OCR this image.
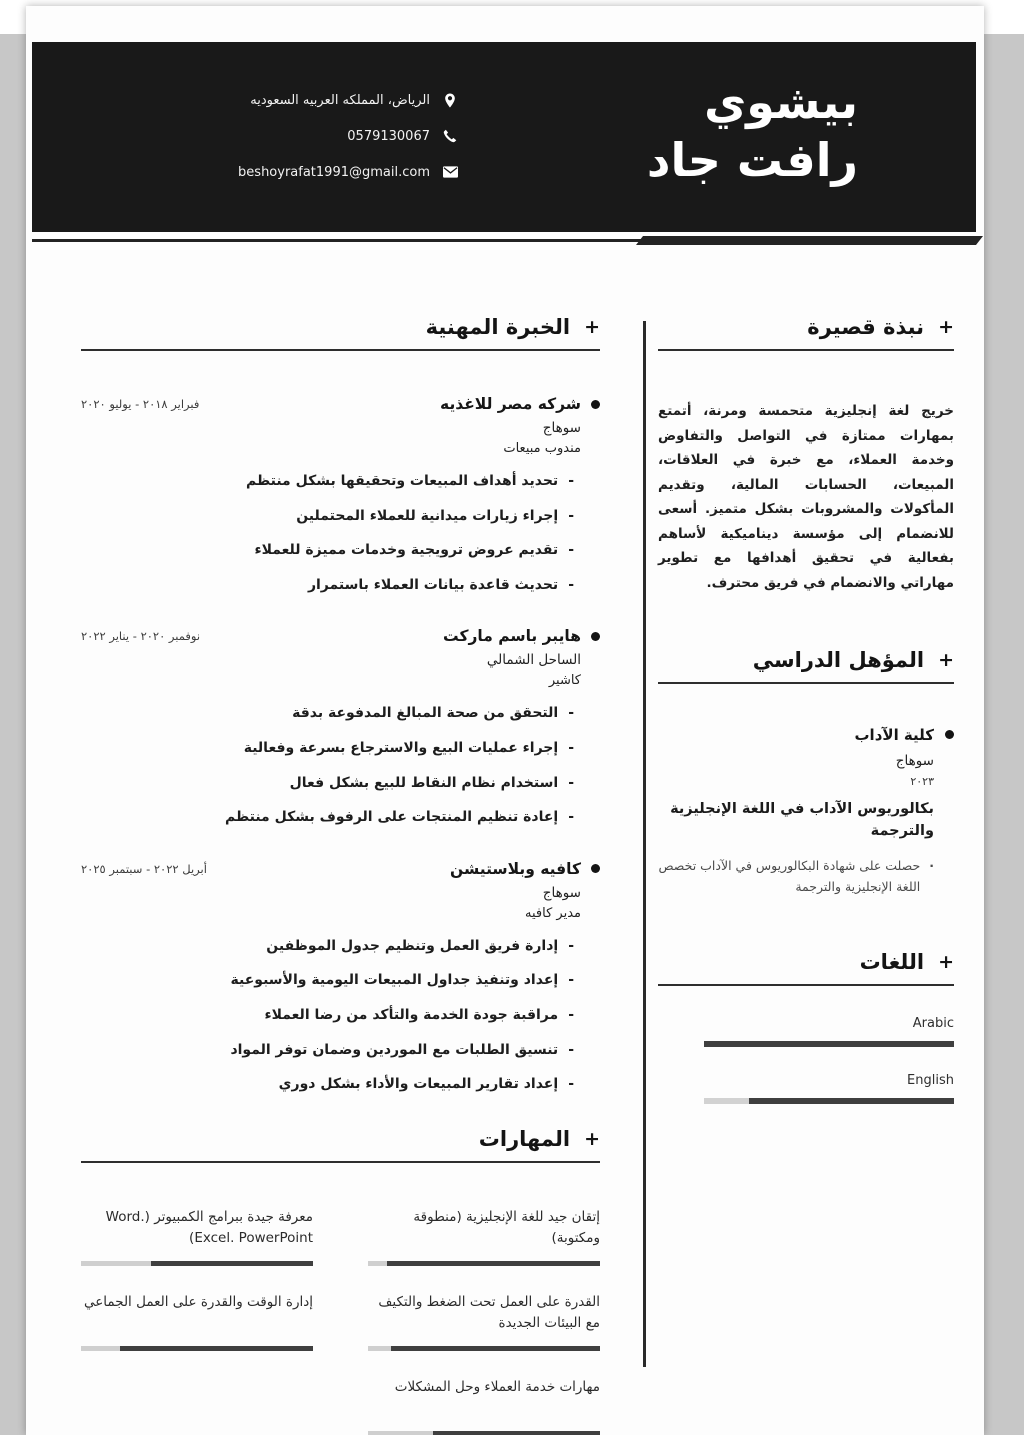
الرياض، المملكه العربيه السعوديه
0579130067
beshoyrafat1991@gmail.com
بيشوي
رافت جاد
+
نبذة قصيرة

خريج لغة إنجليزية متحمسة ومرنة، أتمتع بمهارات ممتازة في التواصل والتفاوض وخدمة العملاء، مع خبرة في العلاقات، المبيعات، الحسابات المالية، وتقديم المأكولات والمشروبات بشكل متميز. أسعى للانضمام إلى مؤسسة ديناميكية لأساهم بفعالية في تحقيق أهدافها مع تطوير مهاراتي والانضمام في فريق محترف.

+
المؤهل الدراسي
كلية الآداب
سوهاج
٢٠٢٣
بكالوريوس الآداب في اللغة الإنجليزية والترجمة
·
حصلت على شهادة البكالوريوس في الآداب تخصص اللغة الإنجليزية والترجمة
+
اللغات
Arabic
English
+
الخبرة المهنية
شركه مصر للاغذيه
فبراير ٢٠١٨ - يوليو ٢٠٢٠
سوهاج
مندوب مبيعات
-
تحديد أهداف المبيعات وتحقيقها بشكل منتظم
-
إجراء زيارات ميدانية للعملاء المحتملين
-
تقديم عروض ترويجية وخدمات مميزة للعملاء
-
تحديث قاعدة بيانات العملاء باستمرار
هايبر باسم ماركت
نوفمبر ٢٠٢٠ - يناير ٢٠٢٢
الساحل الشمالي
كاشير
-
التحقق من صحة المبالغ المدفوعة بدقة
-
إجراء عمليات البيع والاسترجاع بسرعة وفعالية
-
استخدام نظام النقاط للبيع بشكل فعال
-
إعادة تنظيم المنتجات على الرفوف بشكل منتظم
كافيه وبلاستيشن
أبريل ٢٠٢٢ - سبتمبر ٢٠٢٥
سوهاج
مدير كافيه
-
إدارة فريق العمل وتنظيم جدول الموظفين
-
إعداد وتنفيذ جداول المبيعات اليومية والأسبوعية
-
مراقبة جودة الخدمة والتأكد من رضا العملاء
-
تنسيق الطلبات مع الموردين وضمان توفر المواد
-
إعداد تقارير المبيعات والأداء بشكل دوري
+
المهارات
إتقان جيد للغة الإنجليزية (منطوقة ومكتوبة)
معرفة جيدة ببرامج الكمبيوتر (Word. Excel. PowerPoint)
القدرة على العمل تحت الضغط والتكيف مع البيئات الجديدة
إدارة الوقت والقدرة على العمل الجماعي
مهارات خدمة العملاء وحل المشكلات
